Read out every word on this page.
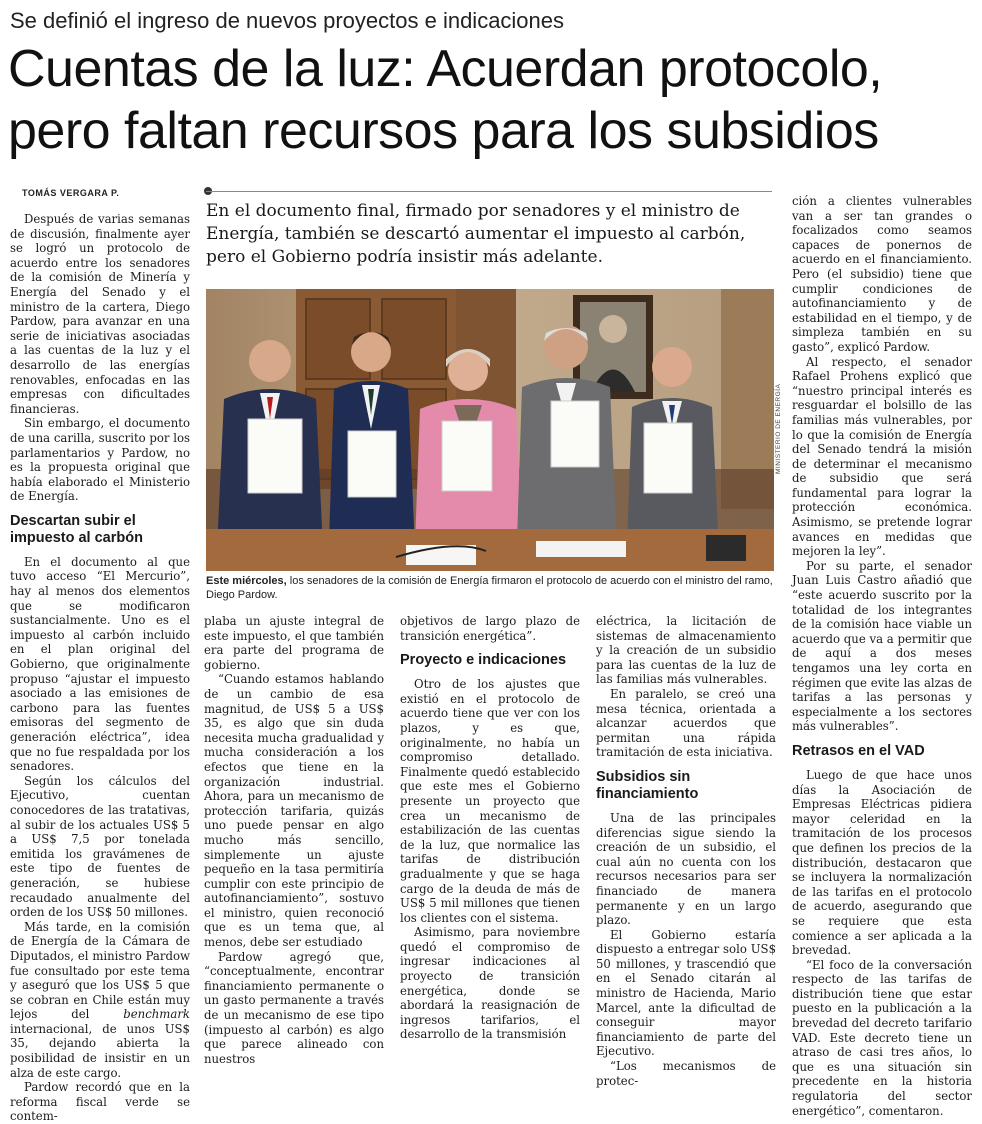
Se definió el ingreso de nuevos proyectos e indicaciones
Cuentas de la luz: Acuerdan protocolo,
pero faltan recursos para los subsidios
TOMÁS VERGARA P.
En el documento final, firmado por senadores y el ministro de Energía, también se descartó aumentar el impuesto al carbón, pero el Gobierno podría insistir más adelante.

Después de varias semanas de discusión, finalmente ayer se logró un protocolo de acuerdo entre los senadores de la comisión de Minería y Energía del Senado y el ministro de la cartera, Diego Pardow, para avanzar en una serie de iniciativas asociadas a las cuentas de la luz y el desarrollo de las energías renovables, enfocadas en las empresas con dificultades financieras.

Sin embargo, el documento de una carilla, suscrito por los parlamentarios y Pardow, no es la propuesta original que había elaborado el Ministerio de Energía.

Descartan subir el impuesto al carbón

En el documento al que tuvo acceso “El Mercurio”, hay al menos dos elementos que se modificaron sustancialmente. Uno es el impuesto al carbón incluido en el plan original del Gobierno, que originalmente propuso “ajustar el impuesto asociado a las emisiones de carbono para las fuentes emisoras del segmento de generación eléctrica”, idea que no fue respaldada por los senadores.

Según los cálculos del Ejecutivo, cuentan conocedores de las tratativas, al subir de los actuales US$ 5 a US$ 7,5 por tonelada emitida los gravámenes de este tipo de fuentes de generación, se hubiese recaudado anualmente del orden de los US$ 50 millones.

Más tarde, en la comisión de Energía de la Cámara de Diputados, el ministro Pardow fue consultado por este tema y aseguró que los US$ 5 que se cobran en Chile están muy lejos del benchmark internacional, de unos US$ 35, dejando abierta la posibilidad de insistir en un alza de este cargo.

Pardow recordó que en la reforma fiscal verde se contem-

MINISTERIO DE ENERGÍA
Este miércoles, los senadores de la comisión de Energía firmaron el protocolo de acuerdo con el ministro del ramo, Diego Pardow.

plaba un ajuste integral de este impuesto, el que también era parte del programa de gobierno.

“Cuando estamos hablando de un cambio de esa magnitud, de US$ 5 a US$ 35, es algo que sin duda necesita mucha gradualidad y mucha consideración a los efectos que tiene en la organización industrial. Ahora, para un mecanismo de protección tarifaria, quizás uno puede pensar en algo mucho más sencillo, simplemente un ajuste pequeño en la tasa permitiría cumplir con este principio de autofinanciamiento”, sostuvo el ministro, quien reconoció que es un tema que, al menos, debe ser estudiado

Pardow agregó que, “conceptualmente, encontrar financiamiento permanente o un gasto permanente a través de un mecanismo de ese tipo (impuesto al carbón) es algo que parece alineado con nuestros

objetivos de largo plazo de transición energética”.

Proyecto e indicaciones

Otro de los ajustes que existió en el protocolo de acuerdo tiene que ver con los plazos, y es que, originalmente, no había un compromiso detallado. Finalmente quedó establecido que este mes el Gobierno presente un proyecto que crea un mecanismo de estabilización de las cuentas de la luz, que normalice las tarifas de distribución gradualmente y que se haga cargo de la deuda de más de US$ 5 mil millones que tienen los clientes con el sistema.

Asimismo, para noviembre quedó el compromiso de ingresar indicaciones al proyecto de transición energética, donde se abordará la reasignación de ingresos tarifarios, el desarrollo de la transmisión

eléctrica, la licitación de sistemas de almacenamiento y la creación de un subsidio para las cuentas de la luz de las familias más vulnerables.

En paralelo, se creó una mesa técnica, orientada a alcanzar acuerdos que permitan una rápida tramitación de esta iniciativa.

Subsidios sin financiamiento

Una de las principales diferencias sigue siendo la creación de un subsidio, el cual aún no cuenta con los recursos necesarios para ser financiado de manera permanente y en un largo plazo.

El Gobierno estaría dispuesto a entregar solo US$ 50 millones, y trascendió que en el Senado citarán al ministro de Hacienda, Mario Marcel, ante la dificultad de conseguir mayor financiamiento de parte del Ejecutivo.

“Los mecanismos de protec-

ción a clientes vulnerables van a ser tan grandes o focalizados como seamos capaces de ponernos de acuerdo en el financiamiento. Pero (el subsidio) tiene que cumplir condiciones de autofinanciamiento y de estabilidad en el tiempo, y de simpleza también en su gasto”, explicó Pardow.

Al respecto, el senador Rafael Prohens explicó que “nuestro principal interés es resguardar el bolsillo de las familias más vulnerables, por lo que la comisión de Energía del Senado tendrá la misión de determinar el mecanismo de subsidio que será fundamental para lograr la protección económica. Asimismo, se pretende lograr avances en medidas que mejoren la ley”.

Por su parte, el senador Juan Luis Castro añadió que “este acuerdo suscrito por la totalidad de los integrantes de la comisión hace viable un acuerdo que va a permitir que de aquí a dos meses tengamos una ley corta en régimen que evite las alzas de tarifas a las personas y especialmente a los sectores más vulnerables”.

Retrasos en el VAD

Luego de que hace unos días la Asociación de Empresas Eléctricas pidiera mayor celeridad en la tramitación de los procesos que definen los precios de la distribución, destacaron que se incluyera la normalización de las tarifas en el protocolo de acuerdo, asegurando que se requiere que esta comience a ser aplicada a la brevedad.

“El foco de la conversación respecto de las tarifas de distribución tiene que estar puesto en la publicación a la brevedad del decreto tarifario VAD. Este decreto tiene un atraso de casi tres años, lo que es una situación sin precedente en la historia regulatoria del sector energético”, comentaron.
